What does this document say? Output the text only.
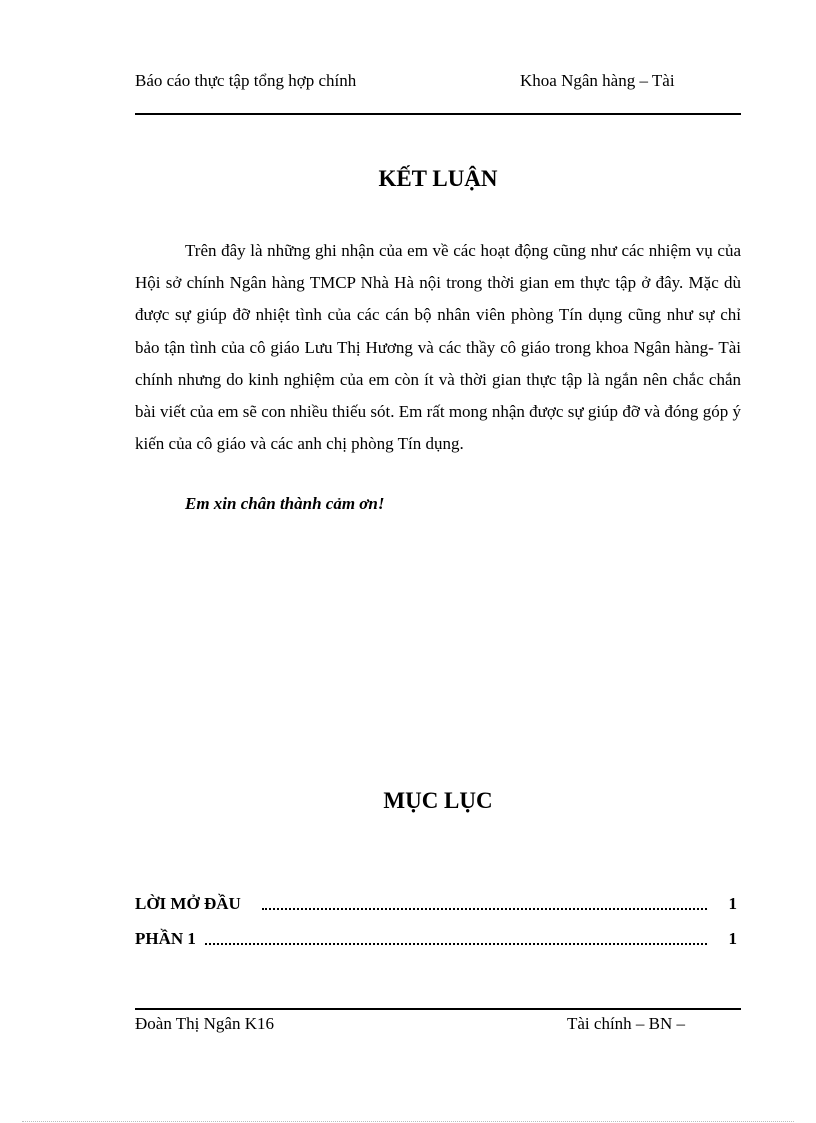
Báo cáo thực tập tổng hợp chính	Khoa Ngân hàng – Tài
KẾT LUẬN

Trên đây là những ghi nhận của em về các hoạt động cũng như các nhiệm vụ của Hội sở chính Ngân hàng TMCP Nhà Hà nội trong thời gian em thực tập ở đây. Mặc dù được sự giúp đỡ nhiệt tình của các cán bộ nhân viên phòng Tín dụng cũng như sự chỉ bảo tận tình của cô giáo Lưu Thị Hương và các thầy cô giáo trong khoa Ngân hàng- Tài chính nhưng do kinh nghiệm của em còn ít và thời gian thực tập là ngắn nên chắc chắn bài viết của em sẽ con nhiều thiếu sót. Em rất mong nhận được sự giúp đỡ và đóng góp ý kiến của cô giáo và các anh chị phòng Tín dụng.

Em xin chân thành cảm ơn!
MỤC LỤC
LỜI MỞ ĐẦU	1
PHẦN 1	1
Đoàn Thị Ngân K16	Tài chính – BN –
